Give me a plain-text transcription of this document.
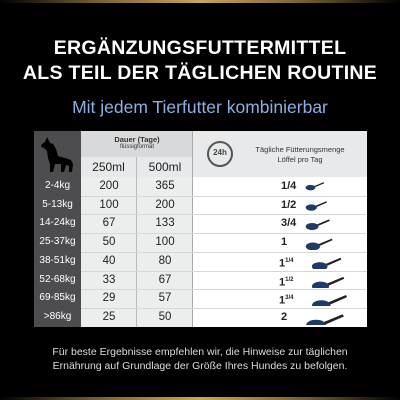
ERGÄNZUNGSFUTTERMITTEL
ALS TEIL DER TÄGLICHEN ROUTINE
Mit jedem Tierfutter kombinierbar
Dauer (Tage)
flüssigformat
250ml	500ml
24h	Tägliche Fütterungsmenge
Löffel pro Tag
2-4kg	200	365	1/4
5-13kg	100	200	1/2
14-24kg	67	133	3/4
25-37kg	50	100	1
38-51kg	40	80	$1^{1/4}$
52-68kg	33	67	$1^{1/2}$
69-85kg	29	57	$1^{3/4}$
>86kg	25	50	2
Für beste Ergebnisse empfehlen wir, die Hinweise zur täglichen
Ernährung auf Grundlage der Größe Ihres Hundes zu befolgen.
